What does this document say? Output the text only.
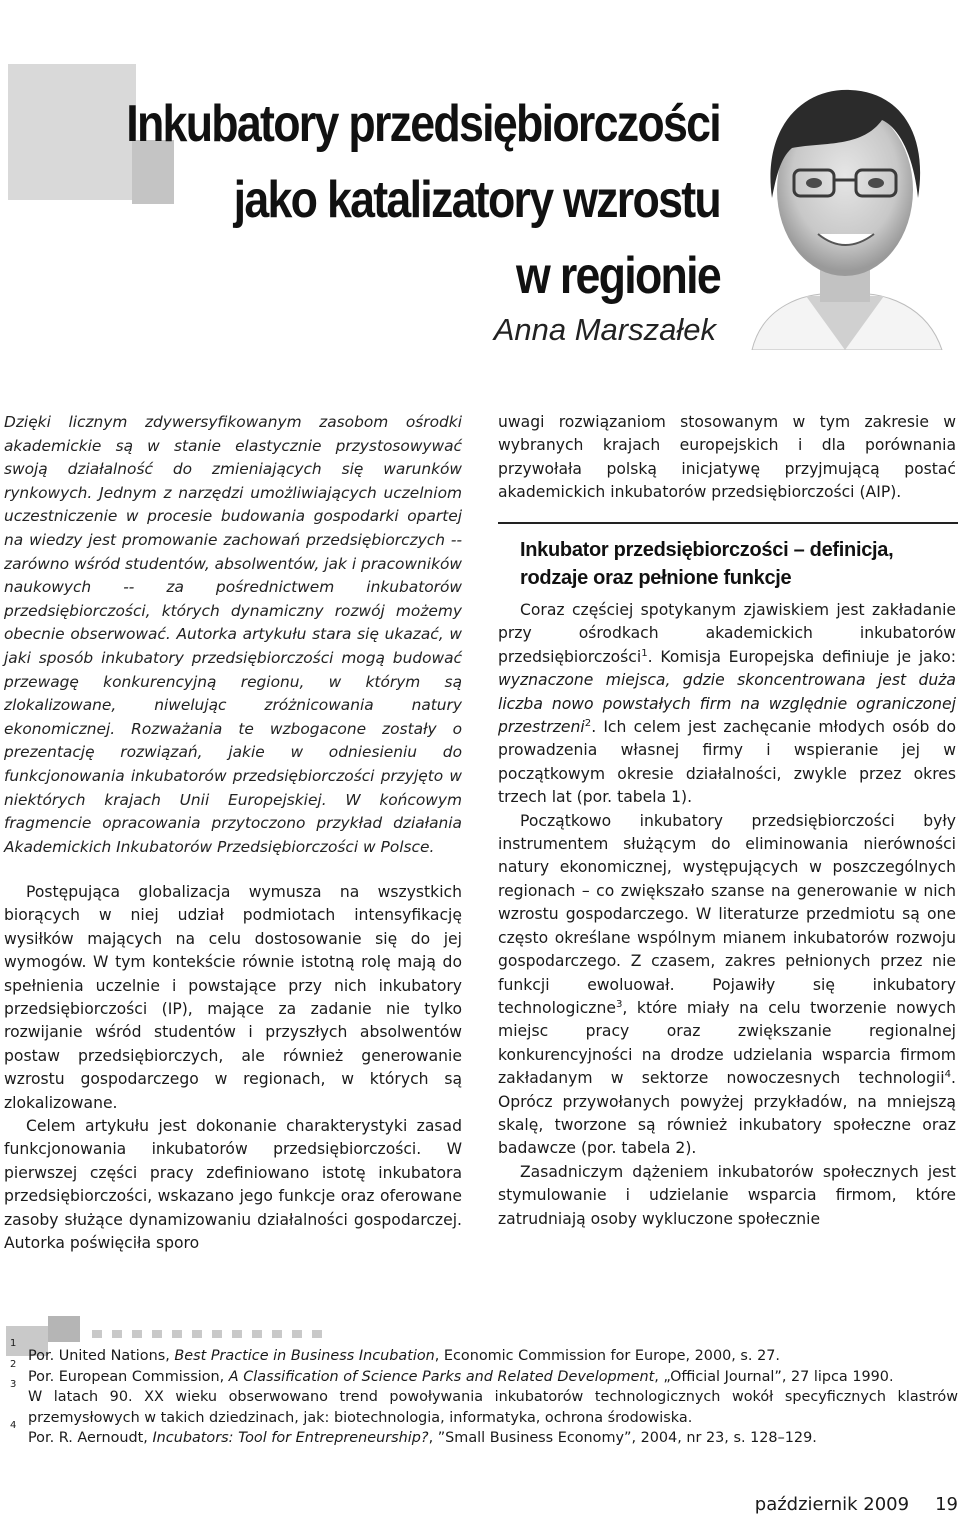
Inkubatory przedsiębiorczości
jako katalizatory wzrostu
w regionie
Anna Marszałek
Dzięki licznym zdywersyfikowanym zasobom ośrodki akademickie są w stanie elastycznie przystosowywać swoją działalność do zmieniających się warunków rynkowych. Jednym z narzędzi umożliwiających uczelniom uczestniczenie w procesie budowania gospodarki opartej na wiedzy jest promowanie zachowań przedsiębiorczych -- zarówno wśród studentów, absolwentów, jak i pracowników naukowych -- za pośrednictwem inkubatorów przedsiębiorczości, których dynamiczny rozwój możemy obecnie obserwować. Autorka artykułu stara się ukazać, w jaki sposób inkubatory przedsiębiorczości mogą budować przewagę konkurencyjną regionu, w którym są zlokalizowane, niwelując zróżnicowania natury ekonomicznej. Rozważania te wzbogacone zostały o prezentację rozwiązań, jakie w odniesieniu do funkcjonowania inkubatorów przedsiębiorczości przyjęto w niektórych krajach Unii Europejskiej. W końcowym fragmencie opracowania przytoczono przykład działania Akademickich Inkubatorów Przedsiębiorczości w Polsce.

Postępująca globalizacja wymusza na wszystkich biorących w niej udział podmiotach intensyfikację wysiłków mających na celu dostosowanie się do jej wymogów. W tym kontekście równie istotną rolę mają do spełnienia uczelnie i powstające przy nich inkubatory przedsiębiorczości (IP), mające za zadanie nie tylko rozwijanie wśród studentów i przyszłych absolwentów postaw przedsiębiorczych, ale również generowanie wzrostu gospodarczego w regionach, w których są zlokalizowane.

Celem artykułu jest dokonanie charakterystyki zasad funkcjonowania inkubatorów przedsiębiorczości. W pierwszej części pracy zdefiniowano istotę inkubatora przedsiębiorczości, wskazano jego funkcje oraz oferowane zasoby służące dynamizowaniu działalności gospodarczej. Autorka poświęciła sporo

uwagi rozwiązaniom stosowanym w tym zakresie w wybranych krajach europejskich i dla porównania przywołała polską inicjatywę przyjmującą postać akademickich inkubatorów przedsiębiorczości (AIP).

Inkubator przedsiębiorczości – definicja, rodzaje oraz pełnione funkcje

Coraz częściej spotykanym zjawiskiem jest zakładanie przy ośrodkach akademickich inkubatorów przedsiębiorczości$^1$. Komisja Europejska definiuje je jako: wyznaczone miejsca, gdzie skoncentrowana jest duża liczba nowo powstałych firm na względnie ograniczonej przestrzeni$^2$. Ich celem jest zachęcanie młodych osób do prowadzenia własnej firmy i wspieranie jej w początkowym okresie działalności, zwykle przez okres trzech lat (por. tabela 1).

Początkowo inkubatory przedsiębiorczości były instrumentem służącym do eliminowania nierówności natury ekonomicznej, występujących w poszczególnych regionach – co zwiększało szanse na generowanie w nich wzrostu gospodarczego. W literaturze przedmiotu są one często określane wspólnym mianem inkubatorów rozwoju gospodarczego. Z czasem, zakres pełnionych przez nie funkcji ewoluował. Pojawiły się inkubatory technologiczne$^3$, które miały na celu tworzenie nowych miejsc pracy oraz zwiększanie regionalnej konkurencyjności na drodze udzielania wsparcia firmom zakładanym w sektorze nowoczesnych technologii$^4$. Oprócz przywołanych powyżej przykładów, na mniejszą skalę, tworzone są również inkubatory społeczne oraz badawcze (por. tabela 2).

Zasadniczym dążeniem inkubatorów społecznych jest stymulowanie i udzielanie wsparcia firmom, które zatrudniają osoby wykluczone społecznie

Por. United Nations, Best Practice in Business Incubation, Economic Commission for Europe, 2000, s. 27.
2
Por. European Commission, A Classification of Science Parks and Related Development, „Official Journal”, 27 lipca 1990.
3
W latach 90. XX wieku obserwowano trend powoływania inkubatorów technologicznych wokół specyficznych klastrów przemysłowych w takich dziedzinach, jak: biotechnologia, informatyka, ochrona środowiska.
4
Por. R. Aernoudt, Incubators: Tool for Entrepreneurship?, ”Small Business Economy”, 2004, nr 23, s. 128–129.
październik 2009 19
